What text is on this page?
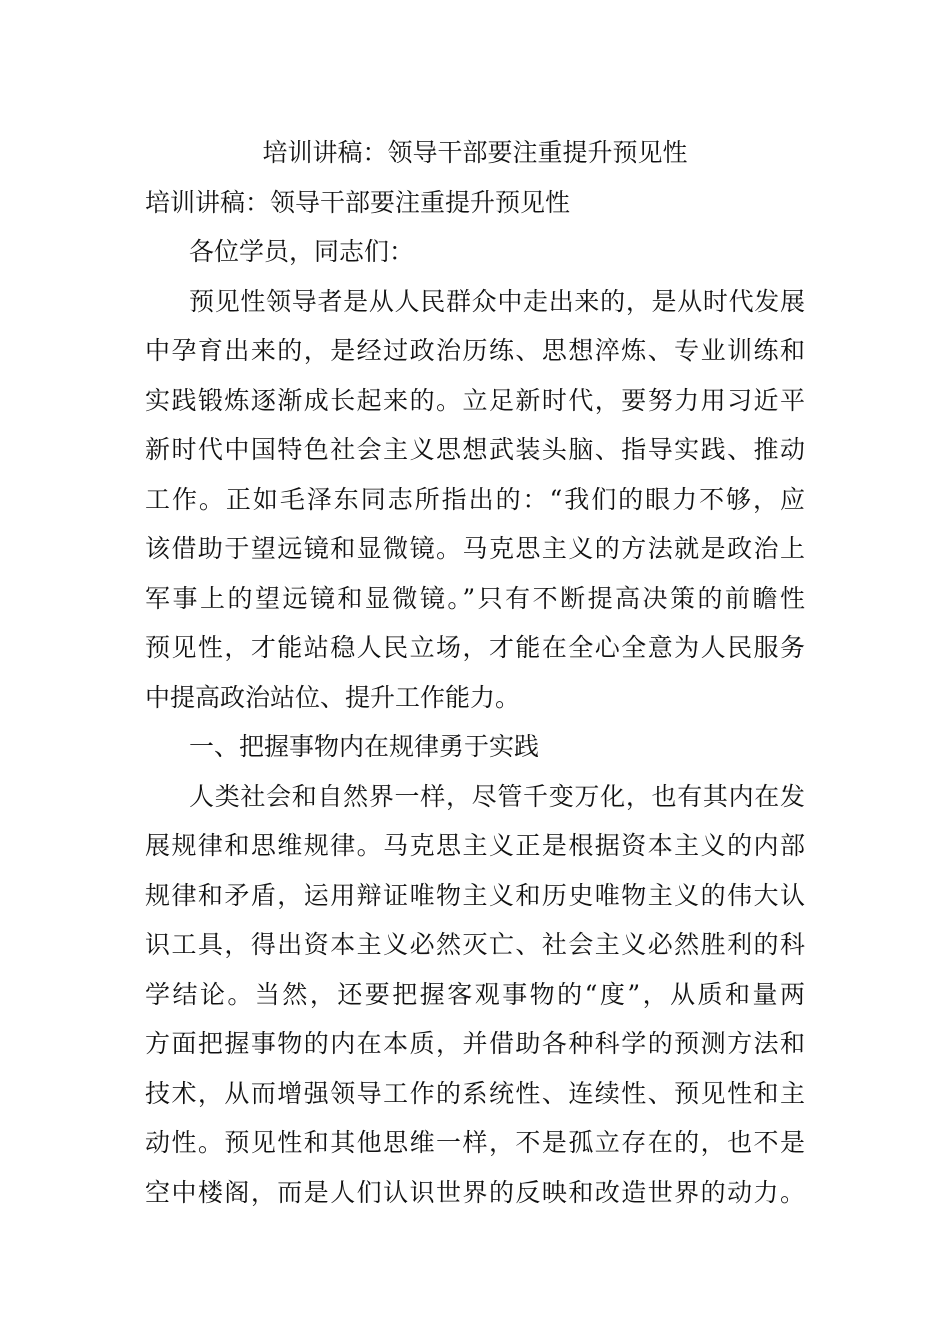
培训讲稿：领导干部要注重提升预见性
培训讲稿：领导干部要注重提升预见性
各位学员，同志们：
预见性领导者是从人民群众中走出来的，是从时代发展
中孕育出来的，是经过政治历练、思想淬炼、专业训练和
实践锻炼逐渐成长起来的。立足新时代，要努力用习近平
新时代中国特色社会主义思想武装头脑、指导实践、推动
工作。正如毛泽东同志所指出的：“我们的眼力不够，应
该借助于望远镜和显微镜。马克思主义的方法就是政治上
军事上的望远镜和显微镜。”只有不断提高决策的前瞻性
预见性，才能站稳人民立场，才能在全心全意为人民服务
中提高政治站位、提升工作能力。
一、把握事物内在规律勇于实践
人类社会和自然界一样，尽管千变万化，也有其内在发
展规律和思维规律。马克思主义正是根据资本主义的内部
规律和矛盾，运用辩证唯物主义和历史唯物主义的伟大认
识工具，得出资本主义必然灭亡、社会主义必然胜利的科
学结论。当然，还要把握客观事物的“度”，从质和量两
方面把握事物的内在本质，并借助各种科学的预测方法和
技术，从而增强领导工作的系统性、连续性、预见性和主
动性。预见性和其他思维一样，不是孤立存在的，也不是
空中楼阁，而是人们认识世界的反映和改造世界的动力。
